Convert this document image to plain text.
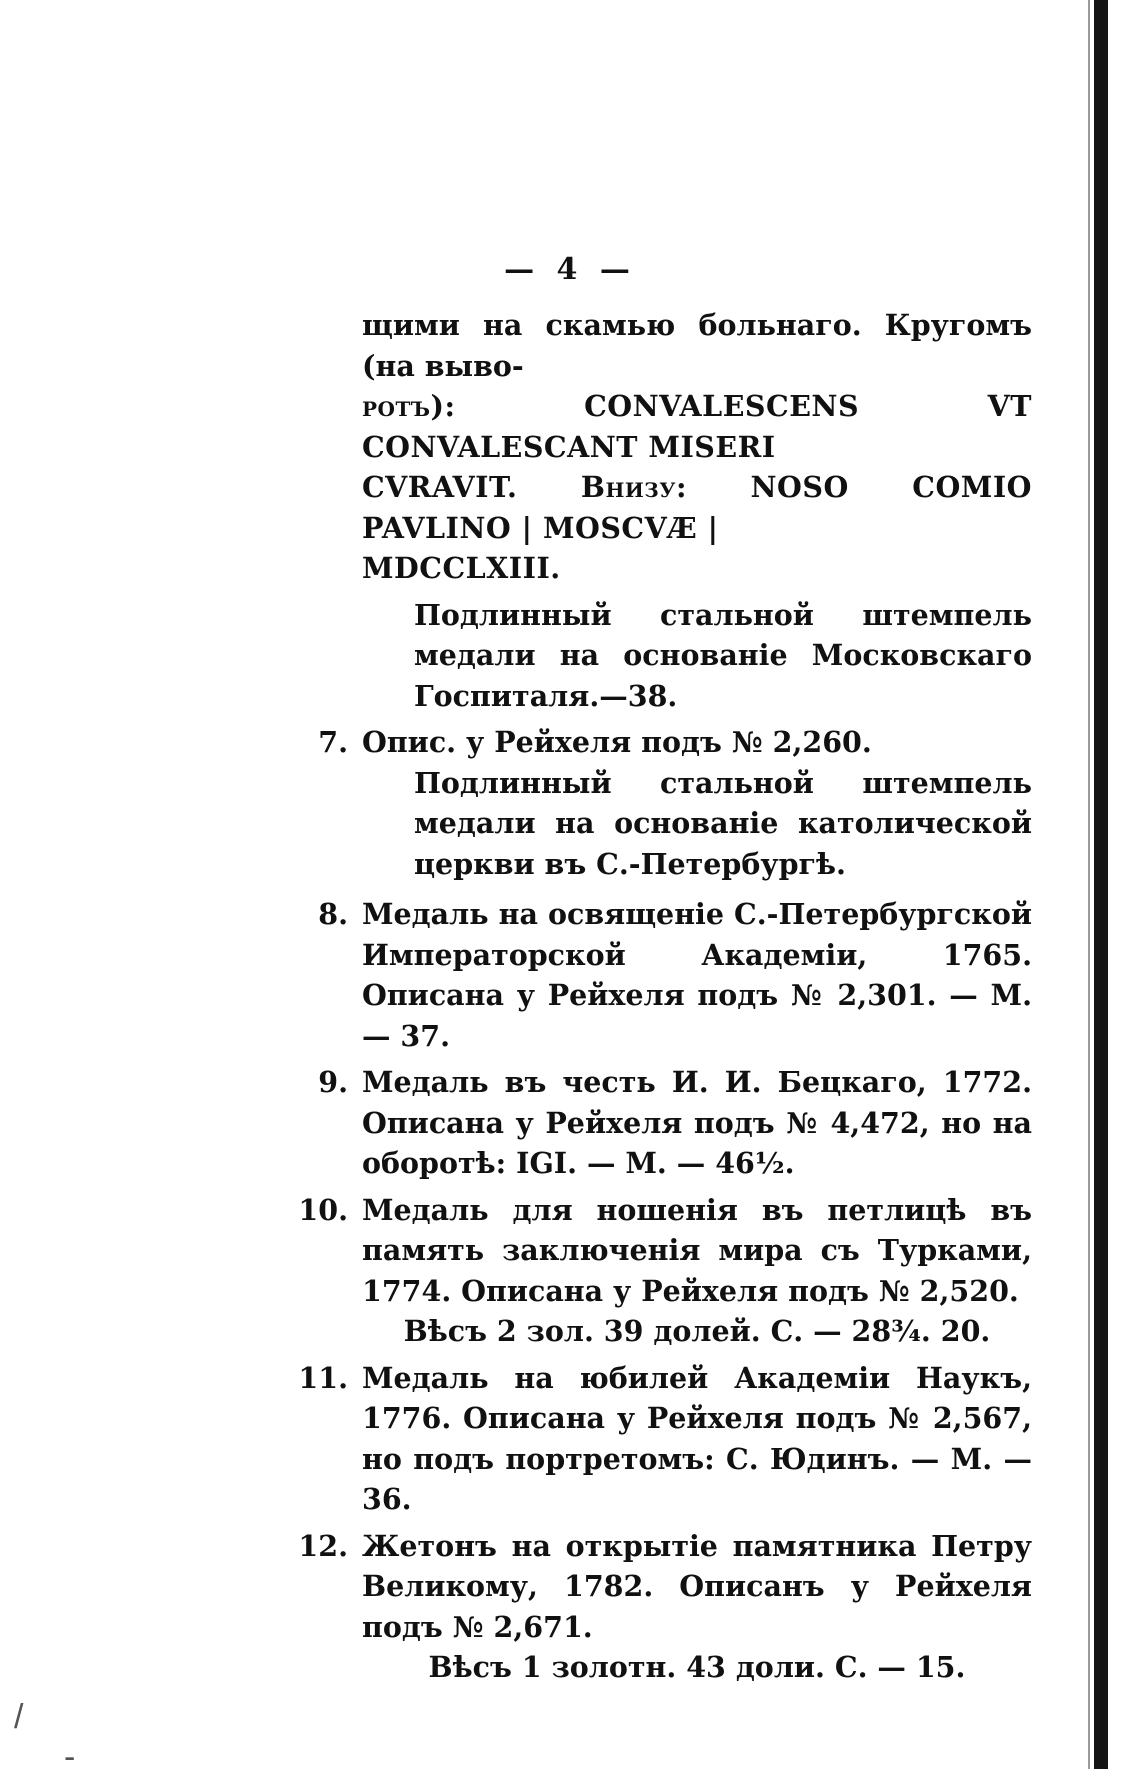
/
-
— 4 —

щими на скамью больнаго. Кругомъ (на выво-

ротъ): CONVALESCENS VT CONVALESCANT MISERI

CVRAVIT. Внизу: NOSO COMIO PAVLINO | MOSCVÆ |

MDCCLXIII.

Подлинный стальной штемпель медали на основаніе Московскаго Госпиталя.—38.

7. Опис. у Рейхеля подъ № 2,260.

Подлинный стальной штемпель медали на основаніе католической церкви въ С.-Петербургѣ.

8. Медаль на освященіе С.-Петербургской Императорской Академіи, 1765. Описана у Рейхеля подъ № 2,301. — М. — 37.

9. Медаль въ честь И. И. Бецкаго, 1772. Описана у Рейхеля подъ № 4,472, но на оборотѣ: IGI. — М. — 46½.

10. Медаль для ношенія въ петлицѣ въ память заключенія мира съ Турками, 1774. Описана у Рейхеля подъ № 2,520.

Вѣсъ 2 зол. 39 долей. С. — 28¾. 20.

11. Медаль на юбилей Академіи Наукъ, 1776. Описана у Рейхеля подъ № 2,567, но подъ портретомъ: С. Юдинъ. — М. — 36.

12. Жетонъ на открытіе памятника Петру Великому, 1782. Описанъ у Рейхеля подъ № 2,671.

Вѣсъ 1 золотн. 43 доли. С. — 15.
